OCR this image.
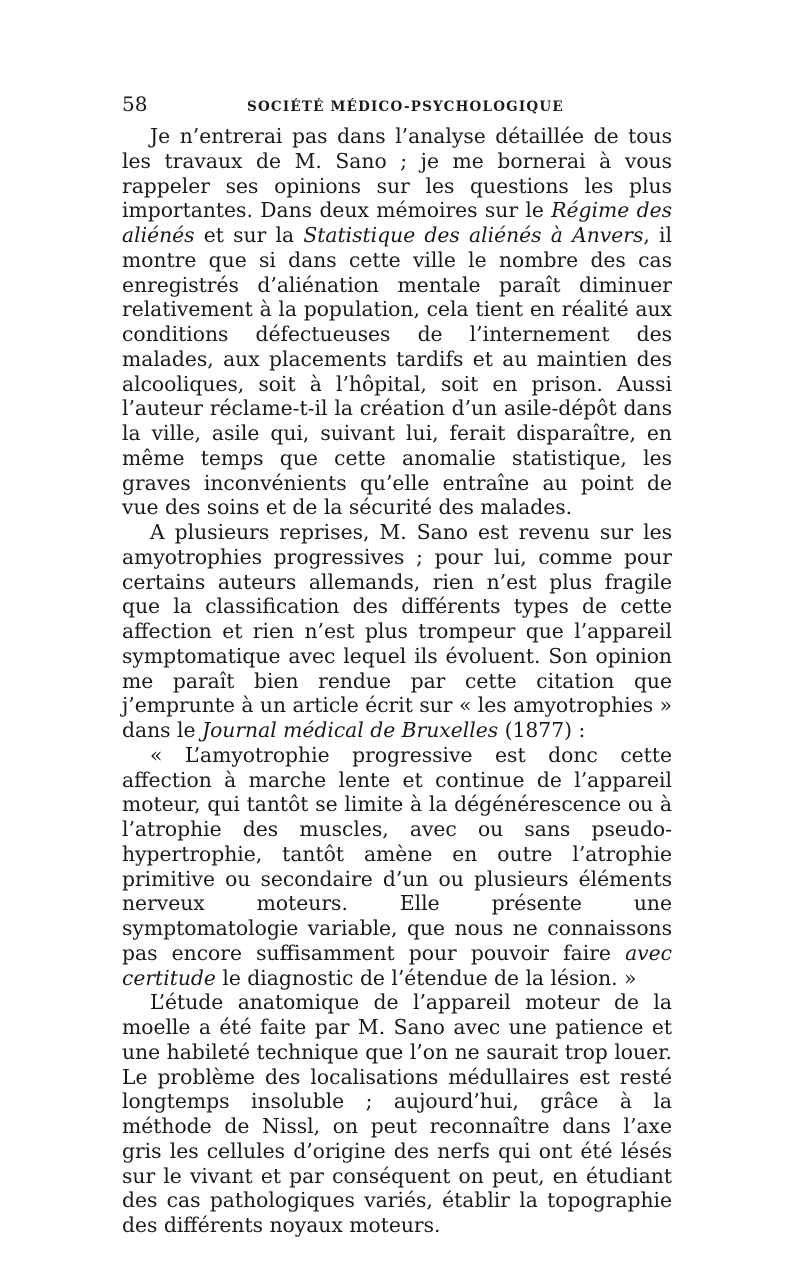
58	SOCIÉTÉ MÉDICO-PSYCHOLOGIQUE

Je n’entrerai pas dans l’analyse détaillée de tous les travaux de M. Sano ; je me bornerai à vous rappeler ses opinions sur les questions les plus importantes. Dans deux mémoires sur le Régime des aliénés et sur la Statistique des aliénés à Anvers, il montre que si dans cette ville le nombre des cas enregistrés d’aliénation mentale paraît diminuer relativement à la population, cela tient en réalité aux conditions défectueuses de l’internement des malades, aux placements tardifs et au maintien des alcooliques, soit à l’hôpital, soit en prison. Aussi l’auteur réclame-t-il la création d’un asile-dépôt dans la ville, asile qui, suivant lui, ferait disparaître, en même temps que cette anomalie statistique, les graves inconvénients qu’elle entraîne au point de vue des soins et de la sécurité des malades.

A plusieurs reprises, M. Sano est revenu sur les amyotrophies progressives ; pour lui, comme pour certains auteurs allemands, rien n’est plus fragile que la classification des différents types de cette affection et rien n’est plus trompeur que l’appareil symptomatique avec lequel ils évoluent. Son opinion me paraît bien rendue par cette citation que j’emprunte à un article écrit sur « les amyotrophies » dans le Journal médical de Bruxelles (1877) :

« L’amyotrophie progressive est donc cette affection à marche lente et continue de l’appareil moteur, qui tantôt se limite à la dégénérescence ou à l’atrophie des muscles, avec ou sans pseudo-hypertrophie, tantôt amène en outre l’atrophie primitive ou secondaire d’un ou plusieurs éléments nerveux moteurs. Elle présente une symptomatologie variable, que nous ne connaissons pas encore suffisamment pour pouvoir faire avec certitude le diagnostic de l’étendue de la lésion. »

L’étude anatomique de l’appareil moteur de la moelle a été faite par M. Sano avec une patience et une habileté technique que l’on ne saurait trop louer. Le problème des localisations médullaires est resté longtemps insoluble ; aujourd’hui, grâce à la méthode de Nissl, on peut reconnaître dans l’axe gris les cellules d’origine des nerfs qui ont été lésés sur le vivant et par conséquent on peut, en étudiant des cas pathologiques variés, établir la topographie des différents noyaux moteurs.
